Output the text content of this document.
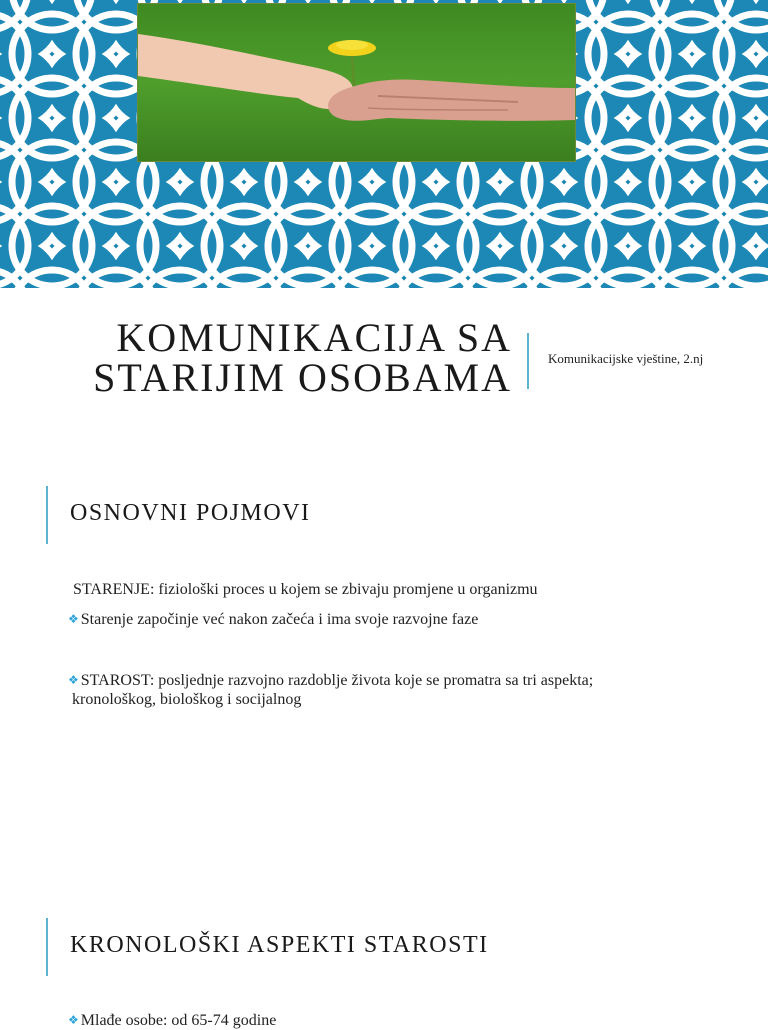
KOMUNIKACIJA SA
STARIJIM OSOBAMA	Komunikacijske vještine, 2.nj
OSNOVNI POJMOVI

STARENJE: fiziološki proces u kojem se zbivaju promjene u organizmu

❖ Starenje započinje već nakon začeća i ima svoje razvojne faze

❖ STAROST: posljednje razvojno razdoblje života koje se promatra sa tri aspekta;
kronološkog, biološkog i socijalnog

KRONOLOŠKI ASPEKTI STAROSTI

❖ Mlađe osobe: od 65-74 godine
